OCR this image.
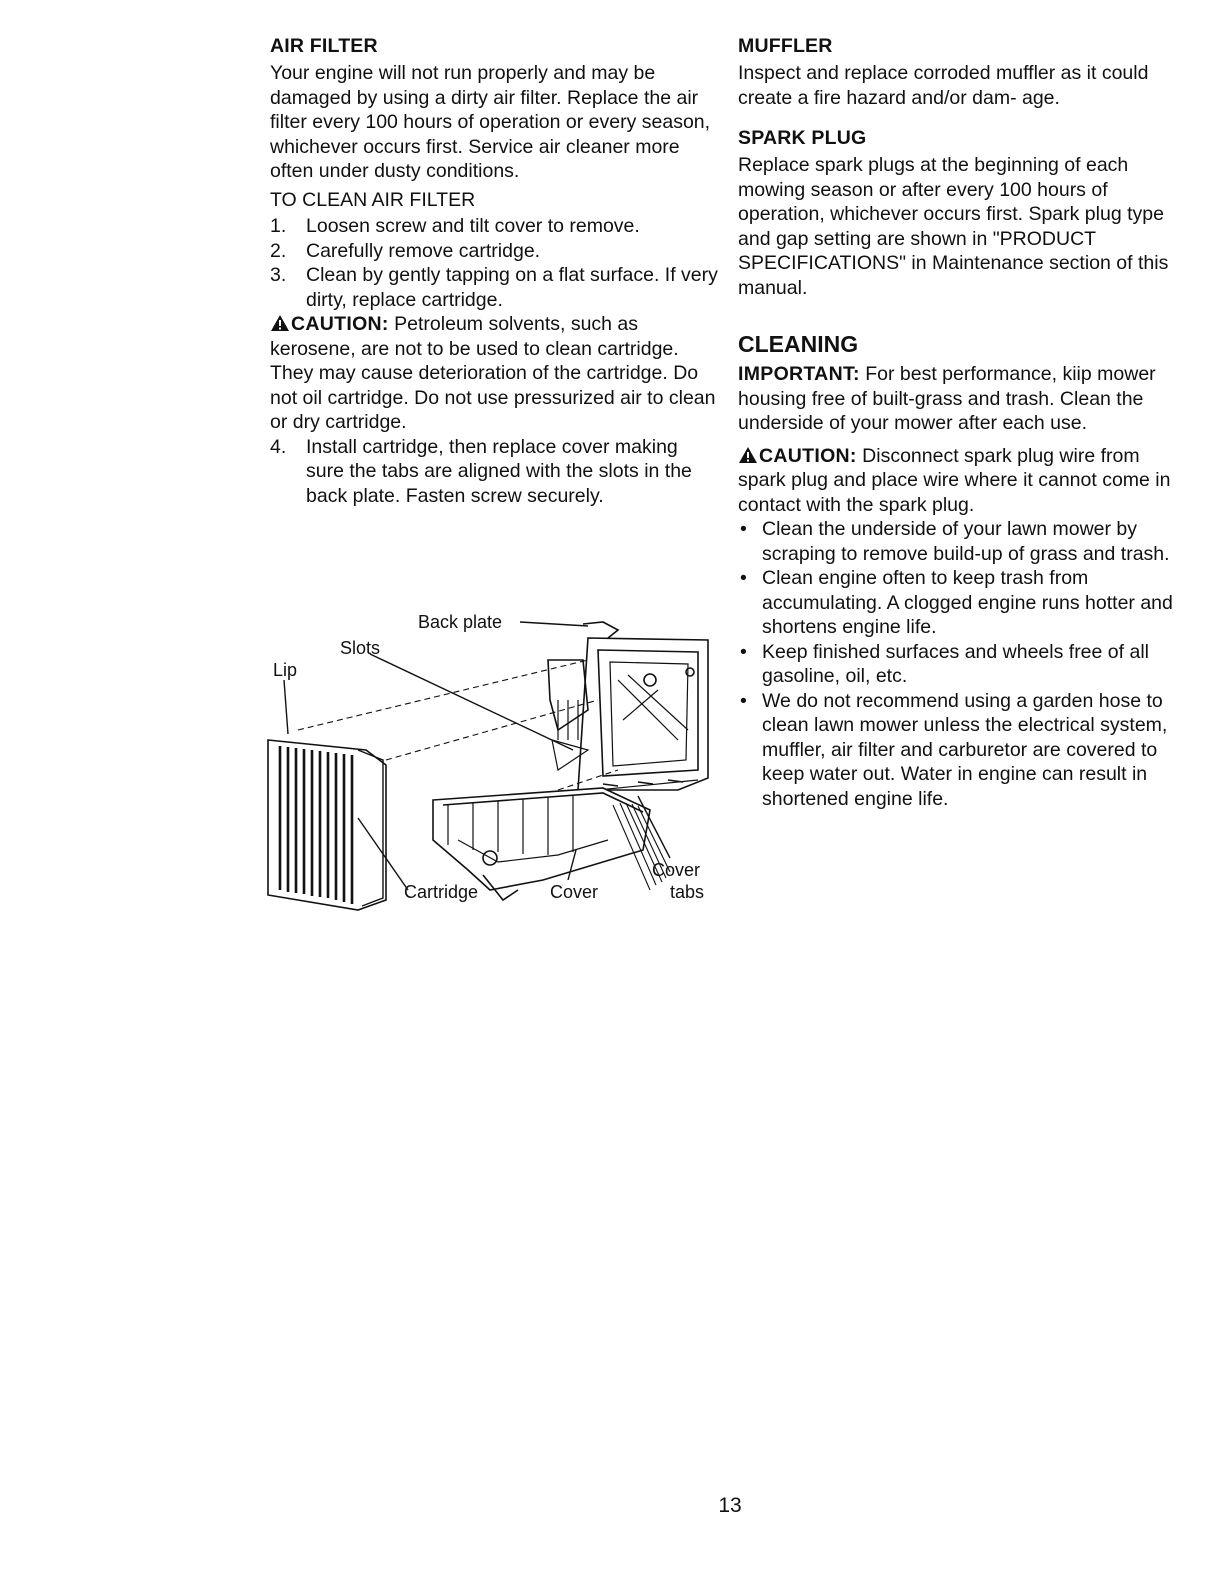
AIR FILTER

Your engine will not run properly and may be damaged by using a dirty air filter. Replace the air filter every 100 hours of operation or every season, whichever occurs first. Service air cleaner more often under dusty conditions.

TO CLEAN AIR FILTER
1. Loosen screw and tilt cover to remove.
2. Carefully remove cartridge.
3. Clean by gently tapping on a flat surface. If very dirty, replace cartridge.

CAUTION: Petroleum solvents, such as kerosene, are not to be used to clean cartridge. They may cause deterioration of the cartridge. Do not oil cartridge. Do not use pressurized air to clean or dry cartridge.

4. Install cartridge, then replace cover making sure the tabs are aligned with the slots in the back plate. Fasten screw securely.
Back plate
Slots
Lip
Cartridge	Cover
Cover
tabs
MUFFLER

Inspect and replace corroded muffler as it could create a fire hazard and/or dam- age.

SPARK PLUG

Replace spark plugs at the beginning of each mowing season or after every 100 hours of operation, whichever occurs first. Spark plug type and gap setting are shown in "PRODUCT SPECIFICATIONS" in Maintenance section of this manual.

CLEANING

IMPORTANT: For best performance, kiip mower housing free of built-grass and trash. Clean the underside of your mower after each use.

CAUTION: Disconnect spark plug wire from spark plug and place wire where it cannot come in contact with the spark plug.

• Clean the underside of your lawn mower by scraping to remove build-up of grass and trash.
• Clean engine often to keep trash from accumulating. A clogged engine runs hotter and shortens engine life.
• Keep finished surfaces and wheels free of all gasoline, oil, etc.
• We do not recommend using a garden hose to clean lawn mower unless the electrical system, muffler, air filter and carburetor are covered to keep water out. Water in engine can result in shortened engine life.
13
